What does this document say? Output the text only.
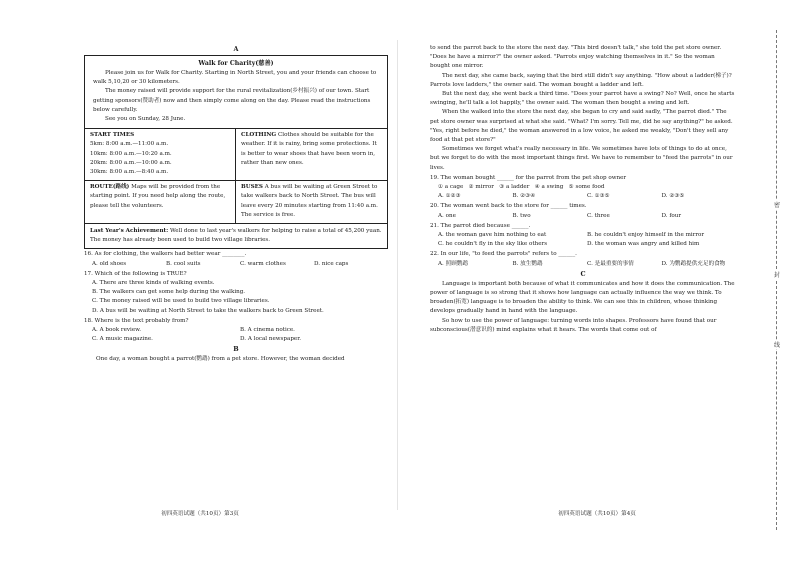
A
Walk for Charity(慈善)

Please join us for Walk for Charity. Starting in North Street, you and your friends can choose to walk 5,10,20 or 30 kilometers.

The money raised will provide support for the rural revitalization(乡村振兴) of our town. Start getting sponsors(赞助者) now and then simply come along on the day. Please read the instructions below carefully.

See you on Sunday, 28 June.

START TIMES

5km: 8:00 a.m.—11:00 a.m.

10km: 8:00 a.m.—10:20 a.m.

20km: 8:00 a.m.—10:00 a.m.

30km: 8:00 a.m.—8:40 a.m.

CLOTHING Clothes should be suitable for the weather. If it is rainy, bring some protections. It is better to wear shoes that have been worn in, rather than new ones.

ROUTE(路线) Maps will be provided from the starting point. If you need help along the route, please tell the volunteers.

BUSES A bus will be waiting at Green Street to take walkers back to North Street. The bus will leave every 20 minutes starting from 11:40 a.m. The service is free.

Last Year's Achievement: Well done to last year's walkers for helping to raise a total of 45,200 yuan. The money has already been used to build two village libraries.

16. As for clothing, the walkers had better wear ________.

A. old shoes	B. cool suits	C. warm clothes	D. nice caps

17. Which of the following is TRUE?

A. There are three kinds of walking events.

B. The walkers can get some help during the walking.

C. The money raised will be used to build two village libraries.

D. A bus will be waiting at North Street to take the walkers back to Green Street.

18. Where is the text probably from?

A. A book review.	B. A cinema notice.
C. A music magazine.	D. A local newspaper.
B

One day, a woman bought a parrot(鹦鹉) from a pet store. However, the woman decided

初四英语试题（共10页）第3页

to send the parrot back to the store the next day. "This bird doesn't talk," she told the pet store owner. "Does he have a mirror?" the owner asked. "Parrots enjoy watching themselves in it." So the woman bought one mirror.

The next day, she came back, saying that the bird still didn't say anything. "How about a ladder(梯子)? Parrots love ladders," the owner said. The woman bought a ladder and left.

But the next day, she went back a third time. "Does your parrot have a swing? No? Well, once he starts swinging, he'll talk a lot happily," the owner said. The woman then bought a swing and left.

When the walked into the store the next day, she began to cry and said sadly, "The parrot died." The pet store owner was surprised at what she said. "What? I'm sorry. Tell me, did he say anything?" he asked. "Yes, right before he died," the woman answered in a low voice, he asked me weakly, "Don't they sell any food at that pet store?"

Sometimes we forget what's really necessary in life. We sometimes have lots of things to do at once, but we forget to do with the most important things first. We have to remember to "feed the parrots" in our lives.

19. The woman bought ______ for the parrot from the pet shop owner

① a cage ② mirror ③ a ladder ④ a swing ⑤ some food

A. ①②③	B. ②③④	C. ①③⑤	D. ②③⑤

20. The woman went back to the store for ______ times.

A. one	B. two	C. three	D. four

21. The parrot died because ______.

A. the woman gave him nothing to eat	B. he couldn't enjoy himself in the mirror
C. he couldn't fly in the sky like others	D. the woman was angry and killed him

22. In our life, "to feed the parrots" refers to ______.

A. 照顾鹦鹉	B. 放生鹦鹉	C. 是最重要的事情	D. 为鹦鹉提供充足的食物
C

Language is important both because of what it communicates and how it does the communication. The power of language is so strong that it shows how language can actually influence the way we think. To broaden(拓宽) language is to broaden the ability to think. We can see this in children, whose thinking develops gradually hand in hand with the language.

So how to use the power of language: turning words into shapes. Professors have found that our subconscious(潜意识的) mind explains what it hears. The words that come out of

初四英语试题（共10页）第4页
密
封
线
